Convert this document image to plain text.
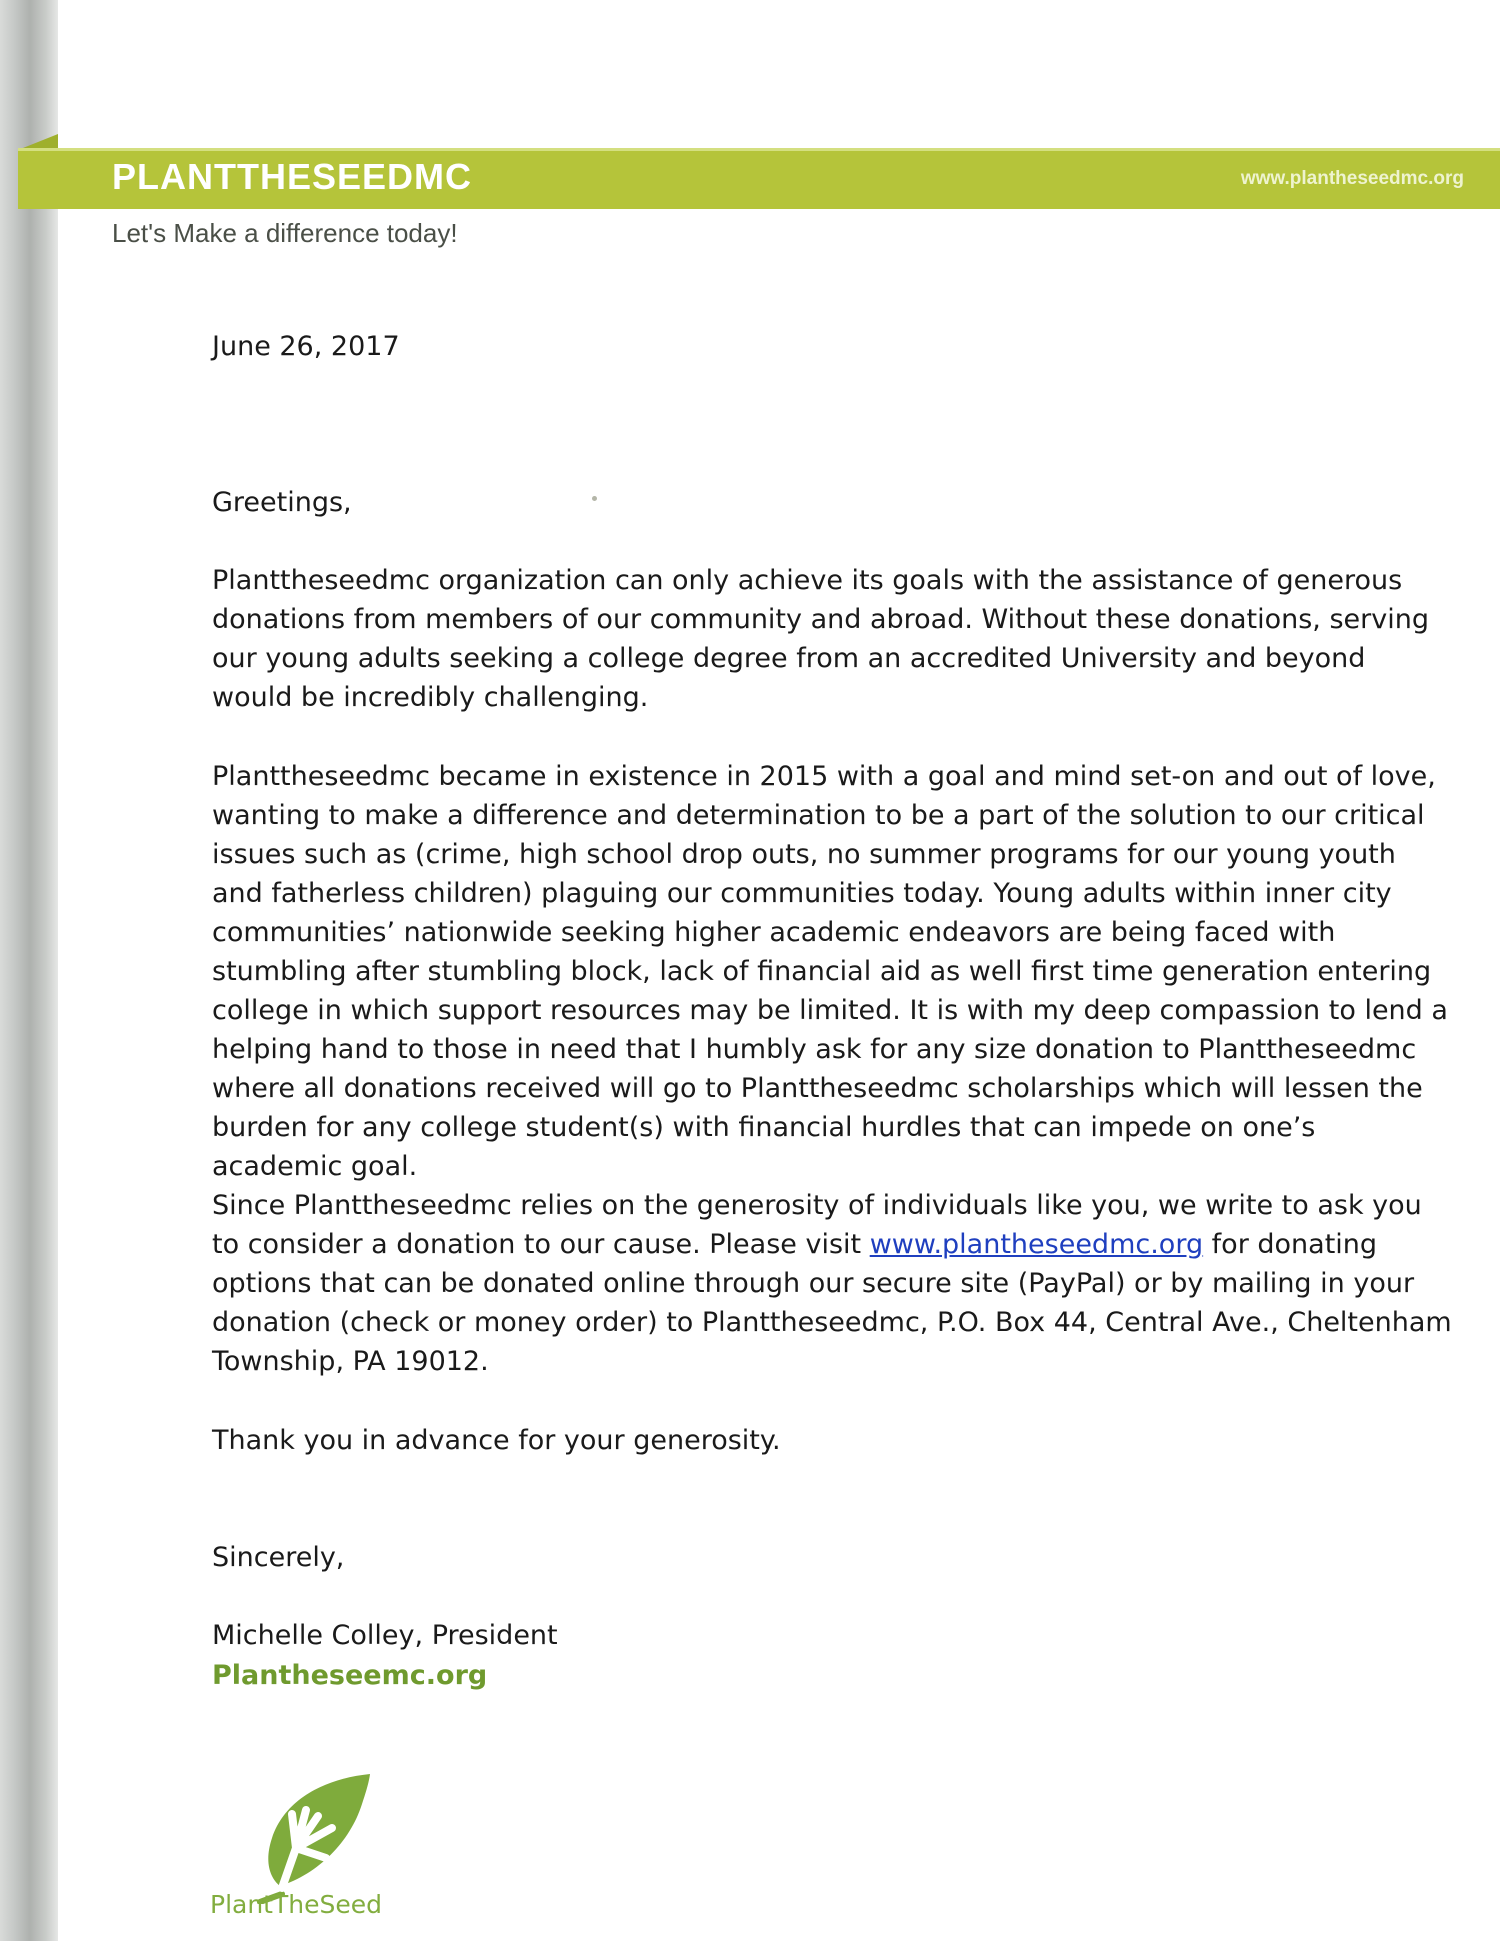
PLANTTHESEEDMC	www.plantheseedmc.org

Let's Make a difference today!

June 26, 2017

Greetings,

Planttheseedmc organization can only achieve its goals with the assistance of generous donations from members of our community and abroad. Without these donations, serving our young adults seeking a college degree from an accredited University and beyond would be incredibly challenging.

Planttheseedmc became in existence in 2015 with a goal and mind set-on and out of love, wanting to make a difference and determination to be a part of the solution to our critical issues such as (crime, high school drop outs, no summer programs for our young youth and fatherless children) plaguing our communities today. Young adults within inner city communities’ nationwide seeking higher academic endeavors are being faced with stumbling after stumbling block, lack of financial aid as well first time generation entering college in which support resources may be limited. It is with my deep compassion to lend a helping hand to those in need that I humbly ask for any size donation to Planttheseedmc where all donations received will go to Planttheseedmc scholarships which will lessen the burden for any college student(s) with financial hurdles that can impede on one’s academic goal.

Since Planttheseedmc relies on the generosity of individuals like you, we write to ask you to consider a donation to our cause. Please visit www.plantheseedmc.org for donating options that can be donated online through our secure site (PayPal) or by mailing in your donation (check or money order) to Planttheseedmc, P.O. Box 44, Central Ave., Cheltenham Township, PA 19012.

Thank you in advance for your generosity.

Sincerely,

Michelle Colley, President

Plantheseemc.org

PlantTheSeed
